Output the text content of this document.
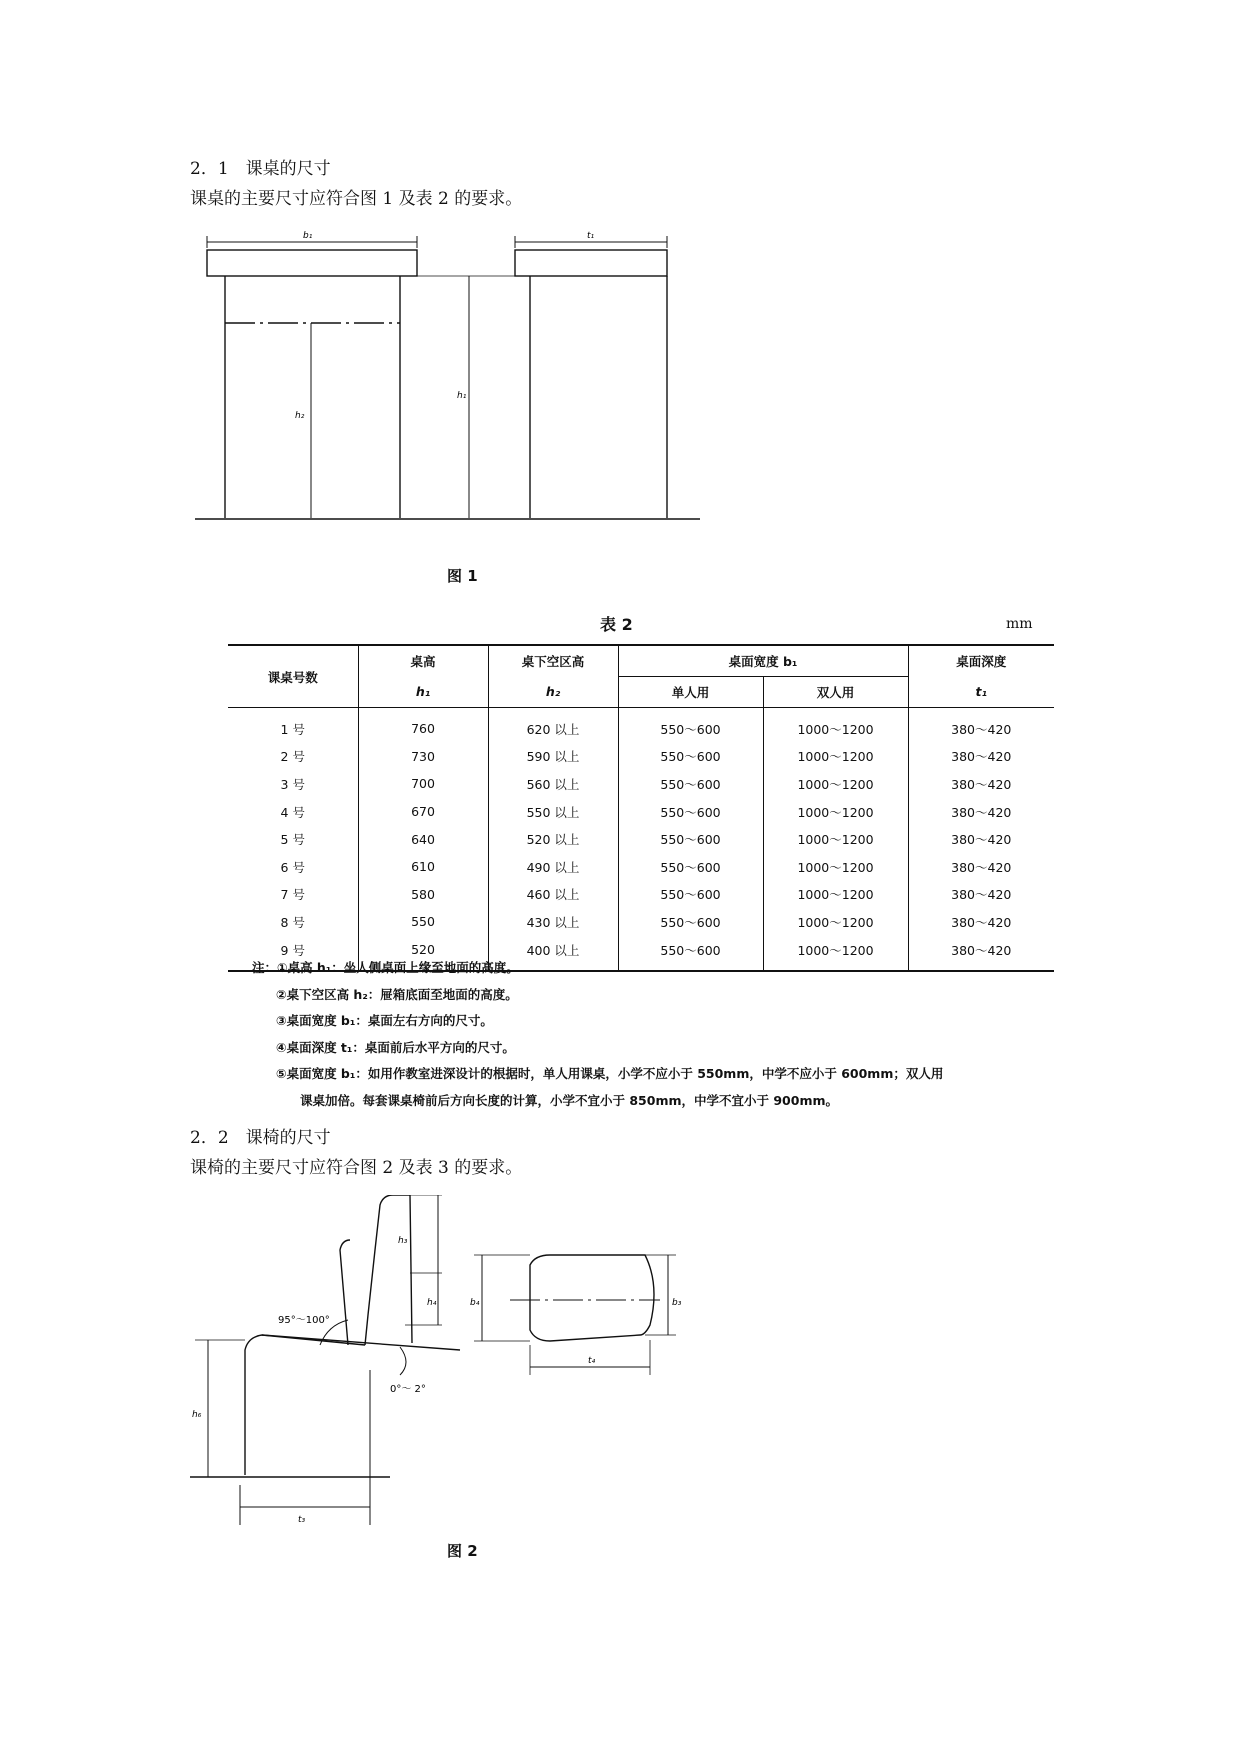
2．1　课桌的尺寸
课桌的主要尺寸应符合图 1 及表 2 的要求。
b₁	t₁
h₂
h₁
图 1
表 2	mm
课桌号数	桌高	桌下空区高	桌面宽度 b₁		桌面深度
	h₁	h₂	单人用	双人用	t₁
1 号	760	620 以上	550～600	1000～1200	380～420
2 号	730	590 以上	550～600	1000～1200	380～420
3 号	700	560 以上	550～600	1000～1200	380～420
4 号	670	550 以上	550～600	1000～1200	380～420
5 号	640	520 以上	550～600	1000～1200	380～420
6 号	610	490 以上	550～600	1000～1200	380～420
7 号	580	460 以上	550～600	1000～1200	380～420
8 号	550	430 以上	550～600	1000～1200	380～420
9 号	520	400 以上	550～600	1000～1200	380～420
注：①桌高 h₁：坐人侧桌面上缘至地面的高度。
②桌下空区高 h₂：屉箱底面至地面的高度。
③桌面宽度 b₁：桌面左右方向的尺寸。
④桌面深度 t₁：桌面前后水平方向的尺寸。
⑤桌面宽度 b₁：如用作教室进深设计的根据时，单人用课桌，小学不应小于 550mm，中学不应小于 600mm；双人用
课桌加倍。每套课桌椅前后方向长度的计算，小学不宜小于 850mm，中学不宜小于 900mm。
2．2　课椅的尺寸
课椅的主要尺寸应符合图 2 及表 3 的要求。
h₆
t₃
h₃
h₄
95°～100°
0°～ 2°
b₄	b₃
t₄
图 2
